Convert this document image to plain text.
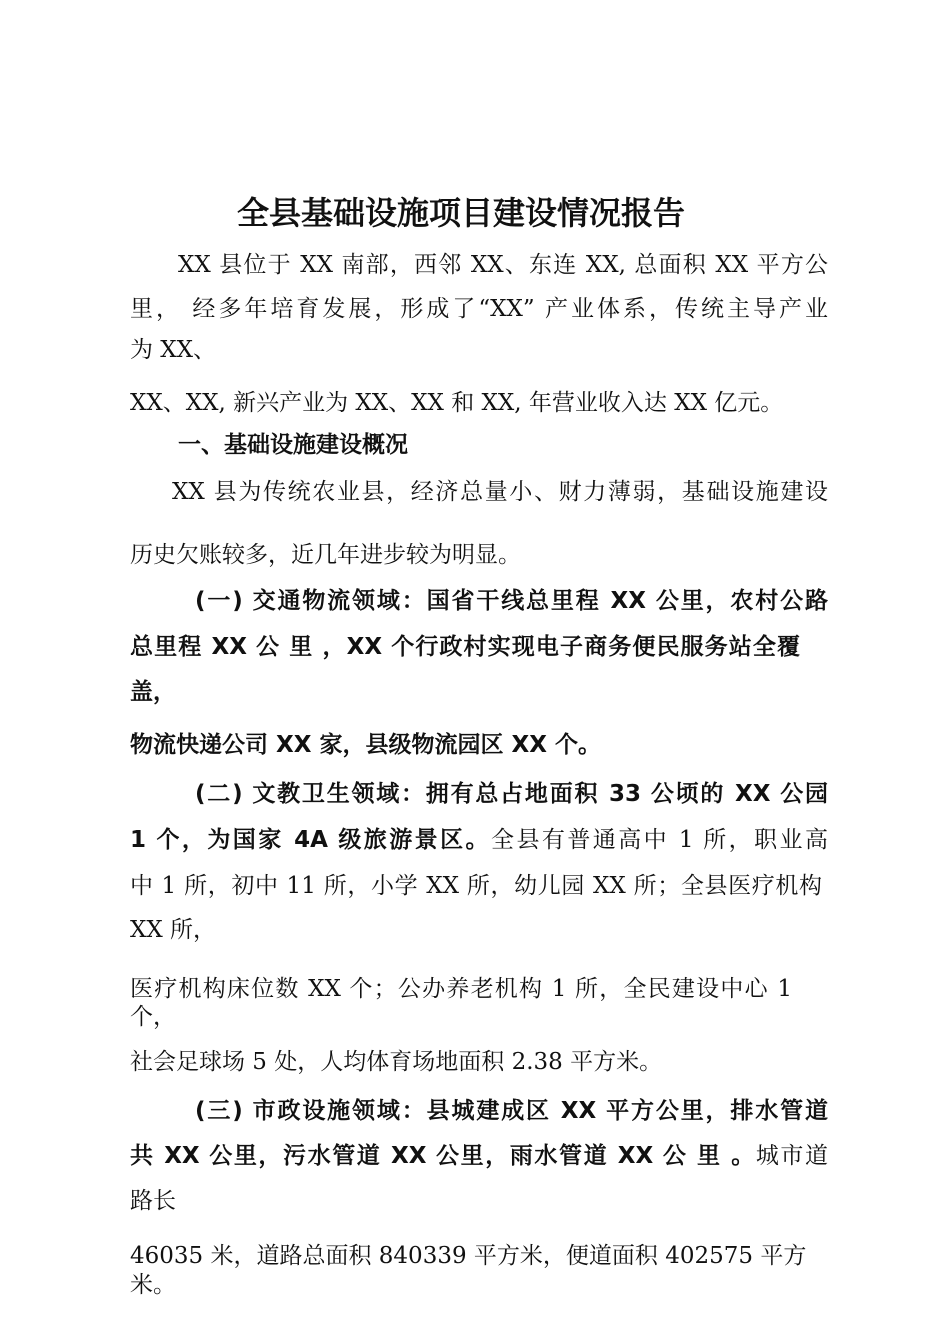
全县基础设施项目建设情况报告
XX 县位于 XX 南部，西邻 XX、东连 XX, 总面积 XX 平方公
里， 经多年培育发展，形成了“XX” 产业体系，传统主导产业
为 XX、
XX、XX, 新兴产业为 XX、XX 和 XX, 年营业收入达 XX 亿元。
一、基础设施建设概况
XX 县为传统农业县，经济总量小、财力薄弱，基础设施建设
历史欠账较多，近几年进步较为明显。
(一) 交通物流领域：国省干线总里程 XX 公里，农村公路
总里程 XX 公 里 ，XX 个行政村实现电子商务便民服务站全覆
盖，
物流快递公司 XX 家，县级物流园区 XX 个。
(二) 文教卫生领域：拥有总占地面积 33 公顷的 XX 公园
1 个，为国家 4A 级旅游景区。全县有普通高中 1 所，职业高
中 1 所，初中 11 所，小学 XX 所，幼儿园 XX 所；全县医疗机构
XX 所，
医疗机构床位数 XX 个；公办养老机构 1 所，全民建设中心 1
个，
社会足球场 5 处，人均体育场地面积 2.38 平方米。
(三) 市政设施领域：县城建成区 XX 平方公里，排水管道
共 XX 公里，污水管道 XX 公里，雨水管道 XX 公 里 。城市道
路长
46035 米，道路总面积 840339 平方米，便道面积 402575 平方
米。
